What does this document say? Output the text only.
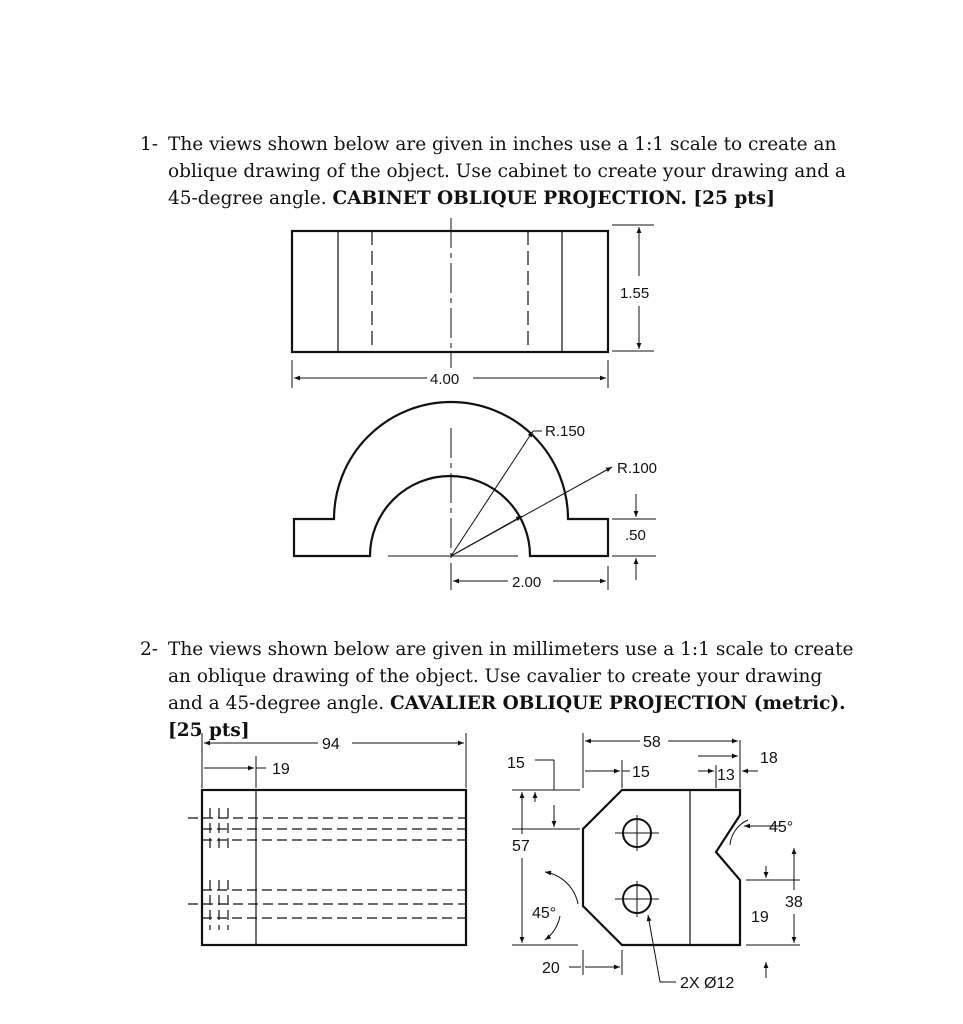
1- The views shown below are given in inches use a 1:1 scale to create an oblique drawing of the object. Use cabinet to create your drawing and a 45-degree angle. CABINET OBLIQUE PROJECTION. [25 pts]
2- The views shown below are given in millimeters use a 1:1 scale to create an oblique drawing of the object. Use cavalier to create your drawing and a 45-degree angle. CAVALIER OBLIQUE PROJECTION (metric). [25 pts]
1.55
4.00
R.150
R.100
.50
2.00
94
19
58
18
15
15
13
45°
57
45°
38
19
20
2X Ø12
